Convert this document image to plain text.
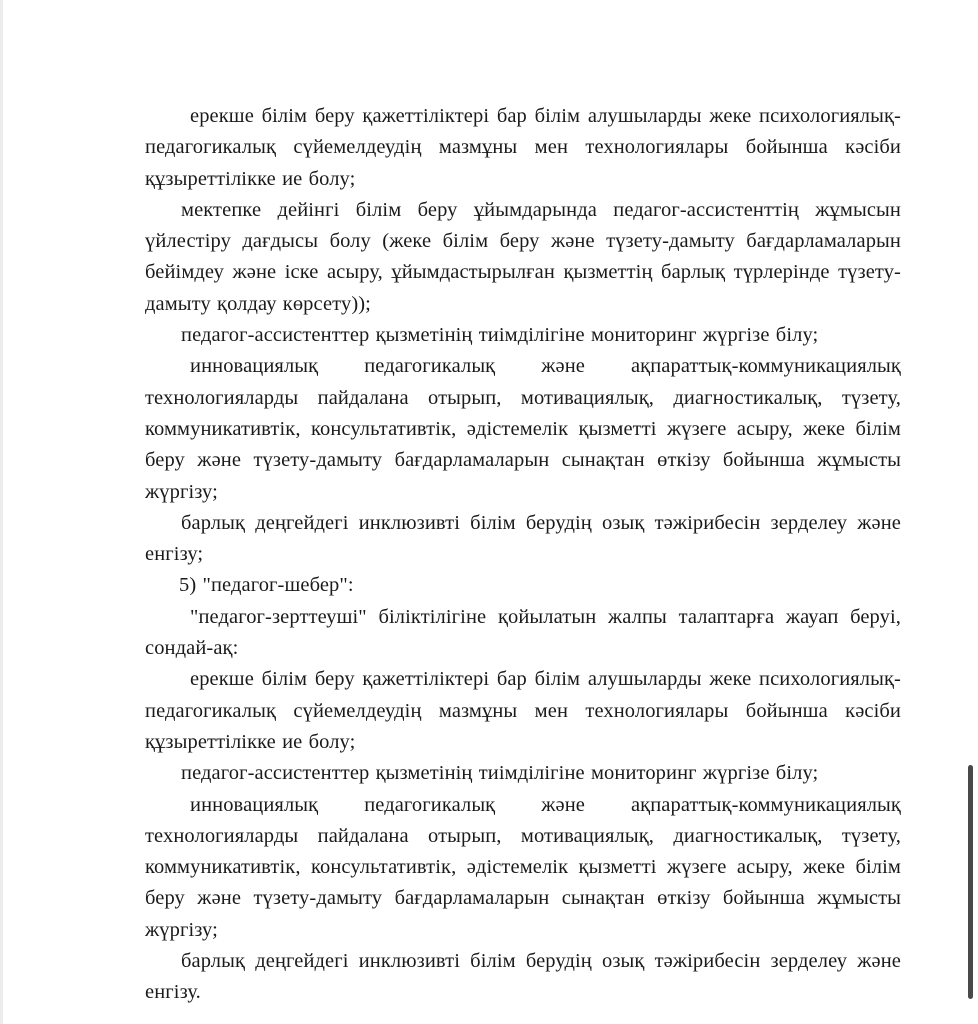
ерекше білім беру қажеттіліктері бар білім алушыларды жеке психологиялық-педагогикалық сүйемелдеудің мазмұны мен технологиялары бойынша кәсіби құзыреттілікке ие болу;

мектепке дейінгі білім беру ұйымдарында педагог-ассистенттің жұмысын үйлестіру дағдысы болу (жеке білім беру және түзету-дамыту бағдарламаларын бейімдеу және іске асыру, ұйымдастырылған қызметтің барлық түрлерінде түзету-дамыту қолдау көрсету));

педагог-ассистенттер қызметінің тиімділігіне мониторинг жүргізе білу;

инновациялық педагогикалық және ақпараттық-коммуникациялық технологияларды пайдалана отырып, мотивациялық, диагностикалық, түзету, коммуникативтік, консультативтік, әдістемелік қызметті жүзеге асыру, жеке білім беру және түзету-дамыту бағдарламаларын сынақтан өткізу бойынша жұмысты жүргізу;

барлық деңгейдегі инклюзивті білім берудің озық тәжірибесін зерделеу және енгізу;

5) "педагог-шебер":

"педагог-зерттеуші" біліктілігіне қойылатын жалпы талаптарға жауап беруі, сондай-ақ:

ерекше білім беру қажеттіліктері бар білім алушыларды жеке психологиялық-педагогикалық сүйемелдеудің мазмұны мен технологиялары бойынша кәсіби құзыреттілікке ие болу;

педагог-ассистенттер қызметінің тиімділігіне мониторинг жүргізе білу;

инновациялық педагогикалық және ақпараттық-коммуникациялық технологияларды пайдалана отырып, мотивациялық, диагностикалық, түзету, коммуникативтік, консультативтік, әдістемелік қызметті жүзеге асыру, жеке білім беру және түзету-дамыту бағдарламаларын сынақтан өткізу бойынша жұмысты жүргізу;

барлық деңгейдегі инклюзивті білім берудің озық тәжірибесін зерделеу және енгізу.
